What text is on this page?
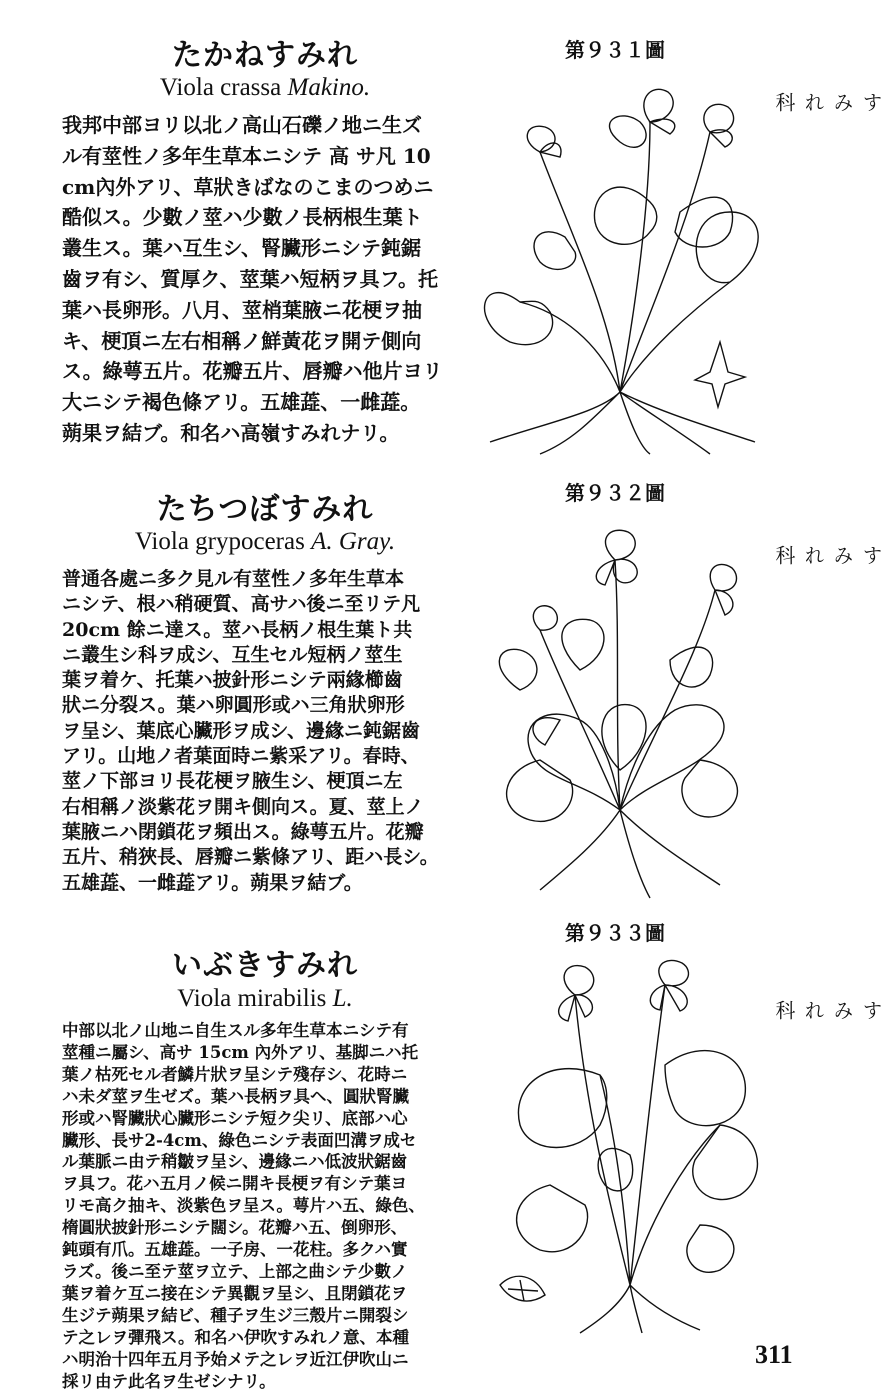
たかねすみれ
Viola crassa Makino.
我邦中部ヨリ以北ノ高山石礫ノ地ニ生ズ
ル有莖性ノ多年生草本ニシテ 高 サ凡 10
cm內外アリ、草狀きばなのこまのつめニ
酷似ス。少數ノ莖ハ少數ノ長柄根生葉ト
叢生ス。葉ハ互生シ、腎臟形ニシテ鈍鋸
齒ヲ有シ、質厚ク、莖葉ハ短柄ヲ具フ。托
葉ハ長卵形。八月、莖梢葉腋ニ花梗ヲ抽
キ、梗頂ニ左右相稱ノ鮮黃花ヲ開テ側向
ス。綠萼五片。花瓣五片、唇瓣ハ他片ヨリ
大ニシテ褐色條アリ。五雄蕋、一雌蕋。
蒴果ヲ結ブ。和名ハ高嶺すみれナリ。
第９３１圖
すみれ科
たちつぼすみれ
Viola grypoceras A. Gray.
普通各處ニ多ク見ル有莖性ノ多年生草本
ニシテ、根ハ稍硬質、高サハ後ニ至リテ凡
20cm 餘ニ達ス。莖ハ長柄ノ根生葉ト共
ニ叢生シ科ヲ成シ、互生セル短柄ノ莖生
葉ヲ着ケ、托葉ハ披針形ニシテ兩緣櫛齒
狀ニ分裂ス。葉ハ卵圓形或ハ三角狀卵形
ヲ呈シ、葉底心臟形ヲ成シ、邊緣ニ鈍鋸齒
アリ。山地ノ者葉面時ニ紫采アリ。春時、
莖ノ下部ヨリ長花梗ヲ腋生シ、梗頂ニ左
右相稱ノ淡紫花ヲ開キ側向ス。夏、莖上ノ
葉腋ニハ閉鎖花ヲ頻出ス。綠萼五片。花瓣
五片、稍狹長、唇瓣ニ紫條アリ、距ハ長シ。
五雄蕋、一雌蕋アリ。蒴果ヲ結ブ。
第９３２圖
すみれ科
いぶきすみれ
Viola mirabilis L.
中部以北ノ山地ニ自生スル多年生草本ニシテ有
莖種ニ屬シ、高サ 15cm 內外アリ、基脚ニハ托
葉ノ枯死セル者鱗片狀ヲ呈シテ殘存シ、花時ニ
ハ未ダ莖ヲ生ゼズ。葉ハ長柄ヲ具ヘ、圓狀腎臟
形或ハ腎臟狀心臟形ニシテ短ク尖リ、底部ハ心
臟形、長サ2-4cm、綠色ニシテ表面凹溝ヲ成セ
ル葉脈ニ由テ稍皺ヲ呈シ、邊緣ニハ低波狀鋸齒
ヲ具フ。花ハ五月ノ候ニ開キ長梗ヲ有シテ葉ヨ
リモ高ク抽キ、淡紫色ヲ呈ス。萼片ハ五、綠色、
楕圓狀披針形ニシテ闊シ。花瓣ハ五、倒卵形、
鈍頭有爪。五雄蕋。一子房、一花柱。多クハ實
ラズ。後ニ至テ莖ヲ立テ、上部之曲シテ少數ノ
葉ヲ着ケ互ニ接在シテ異觀ヲ呈シ、且閉鎖花ヲ
生ジテ蒴果ヲ結ビ、種子ヲ生ジ三殼片ニ開裂シ
テ之レヲ彈飛ス。和名ハ伊吹すみれノ意、本種
ハ明治十四年五月予始メテ之レヲ近江伊吹山ニ
採リ由テ此名ヲ生ゼシナリ。
第９３３圖
すみれ科
311
